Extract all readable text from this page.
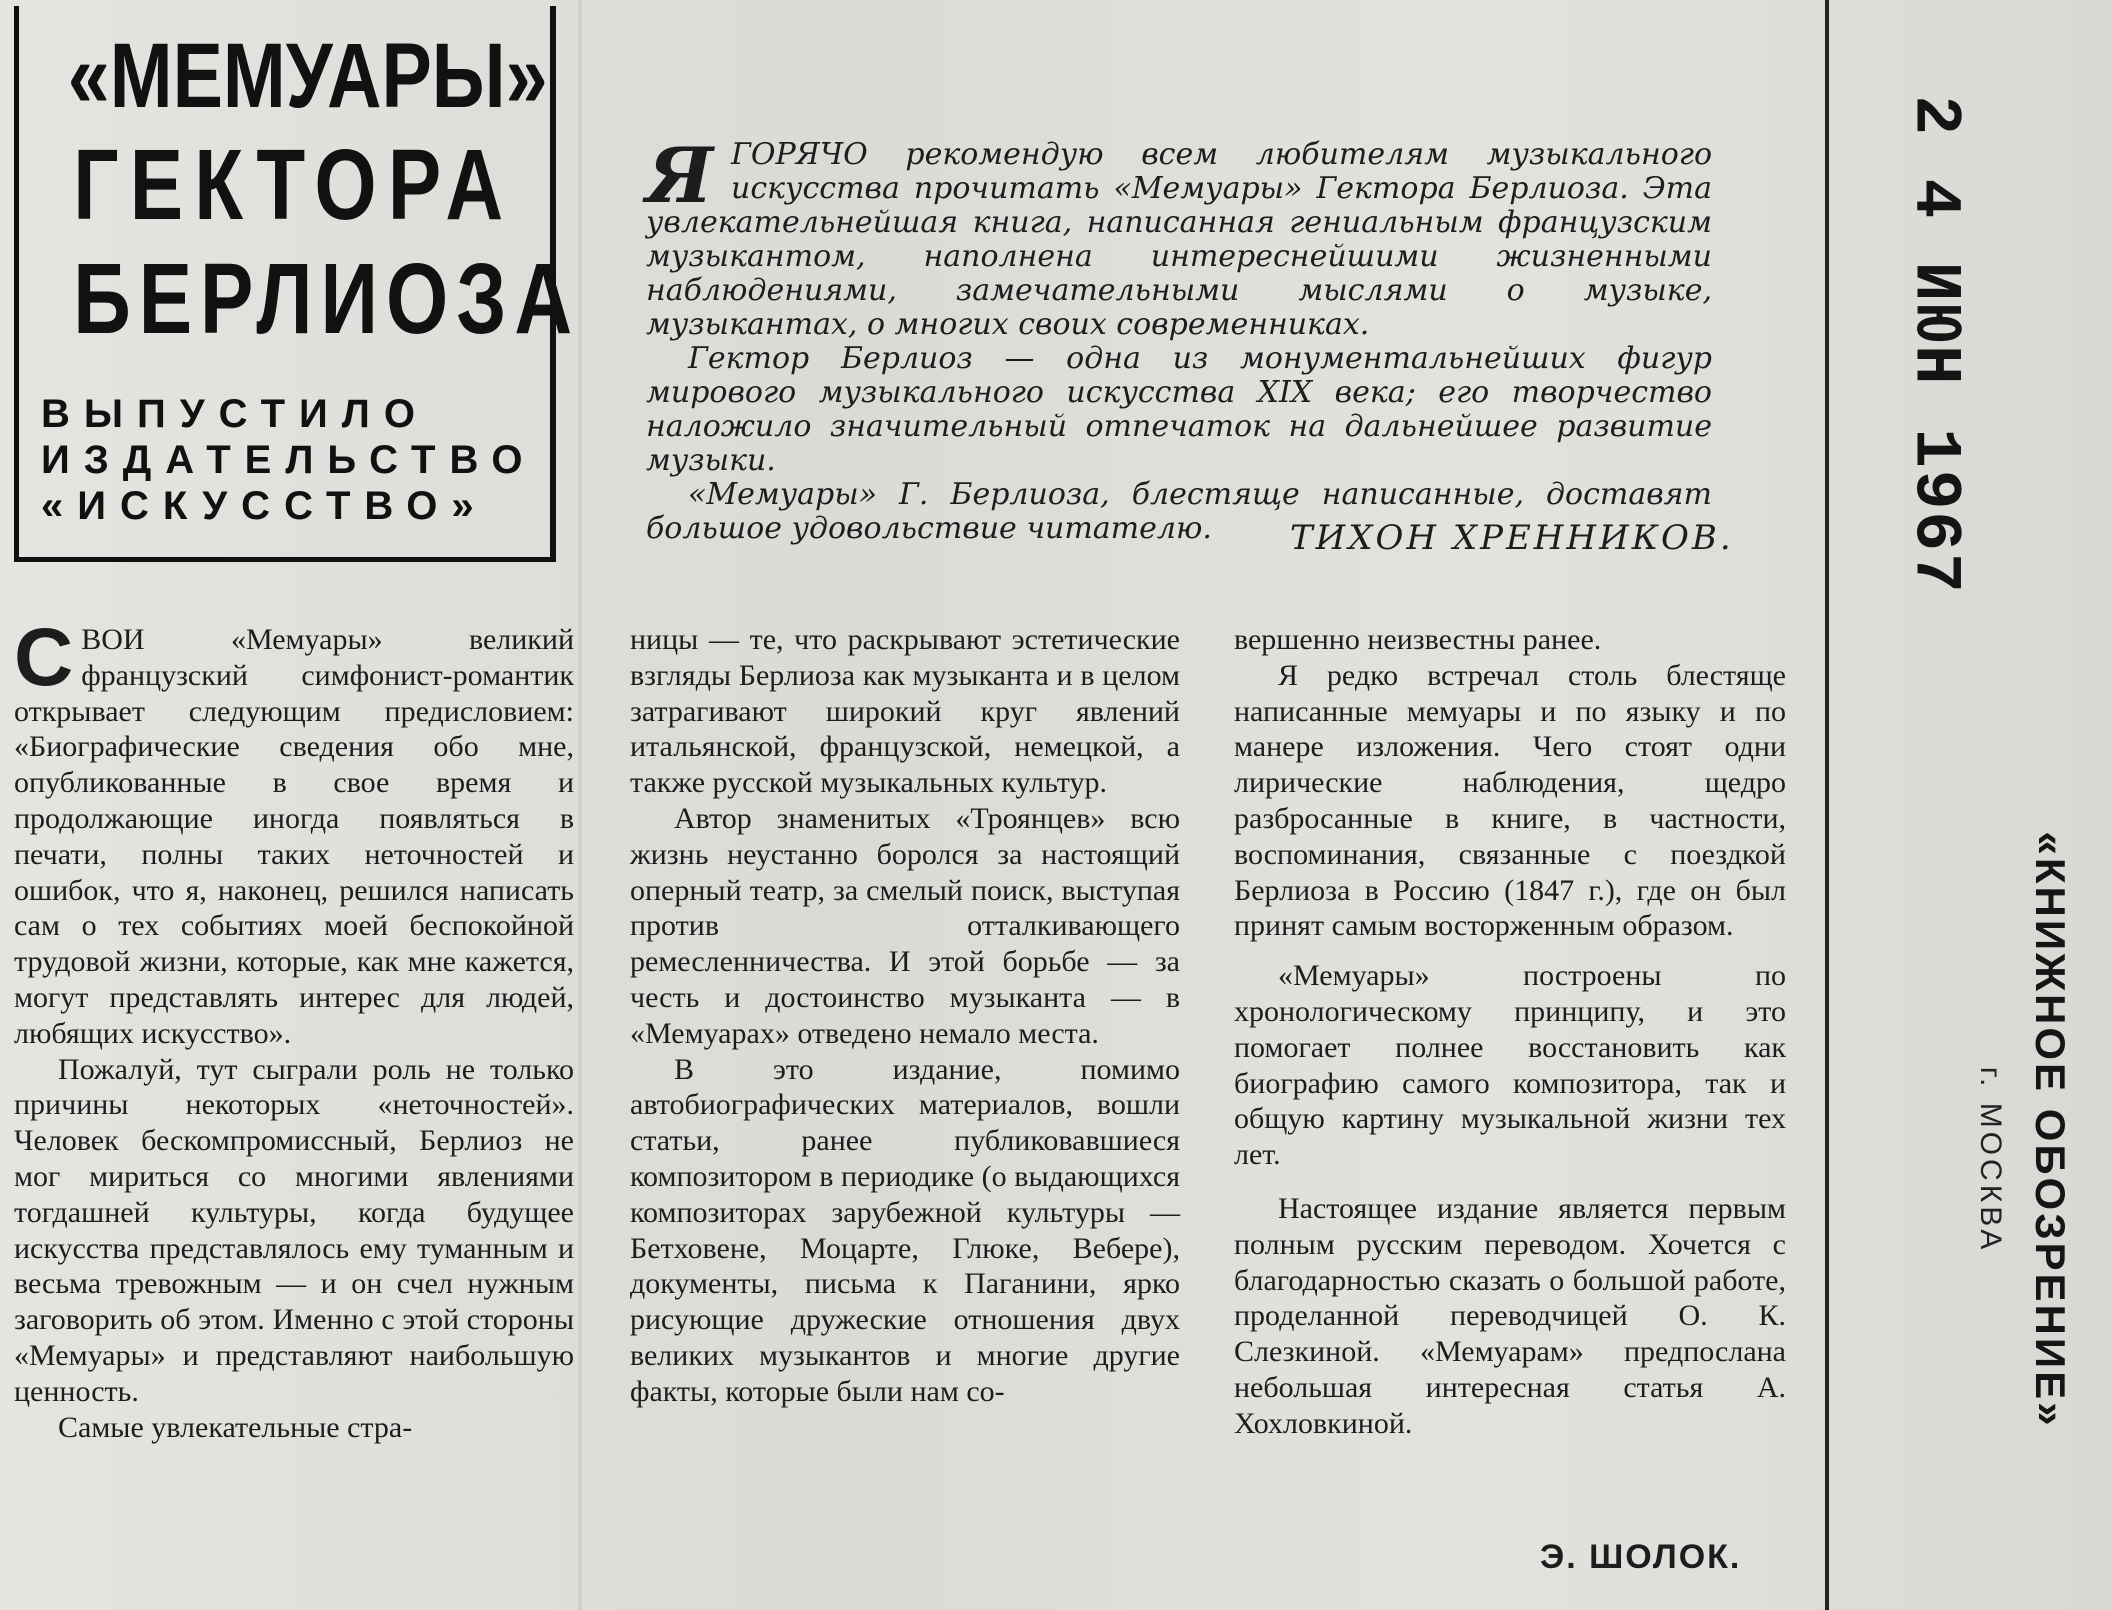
«МЕМУАРЫ»
ГЕКТОРА
БЕРЛИОЗА
ВЫПУСТИЛО
ИЗДАТЕЛЬСТВО
«ИСКУССТВО»

ЯГОРЯЧО рекомендую всем любителям музыкального искусства прочитать «Мемуары» Гектора Берлиоза. Эта увлекательнейшая книга, написанная гениальным французским музыкантом, наполнена интереснейшими жизненными наблюдениями, замечательными мыслями о музыке, музыкантах, о многих своих современниках.

Гектор Берлиоз — одна из монументальнейших фигур мирового музыкального искусства XIX века; его творчество наложило значительный отпечаток на дальнейшее развитие музыки.

«Мемуары» Г. Берлиоза, блестяще написанные, доставят большое удовольствие читателю.	ТИХОН ХРЕННИКОВ.

СВОИ «Мемуары» великий французский симфонист-романтик открывает следующим предисловием: «Биографические сведения обо мне, опубликованные в свое время и продолжающие иногда появляться в печати, полны таких неточностей и ошибок, что я, наконец, решился написать сам о тех событиях моей беспокойной трудовой жизни, которые, как мне кажется, могут представлять интерес для людей, любящих искусство».

Пожалуй, тут сыграли роль не только причины некоторых «неточностей». Человек бескомпромиссный, Берлиоз не мог мириться со многими явлениями тогдашней культуры, когда будущее искусства представлялось ему туманным и весьма тревожным — и он счел нужным заговорить об этом. Именно с этой стороны «Мемуары» и представляют наибольшую ценность.

Самые увлекательные стра-

ницы — те, что раскрывают эстетические взгляды Берлиоза как музыканта и в целом затрагивают широкий круг явлений итальянской, французской, немецкой, а также русской музыкальных культур.

Автор знаменитых «Троянцев» всю жизнь неустанно боролся за настоящий оперный театр, за смелый поиск, выступая против отталкивающего ремесленничества. И этой борьбе — за честь и достоинство музыканта — в «Мемуарах» отведено немало места.

В это издание, помимо автобиографических материалов, вошли статьи, ранее публиковавшиеся композитором в периодике (о выдающихся композиторах зарубежной культуры — Бетховене, Моцарте, Глюке, Вебере), документы, письма к Паганини, ярко рисующие дружеские отношения двух великих музыкантов и многие другие факты, которые были нам со-

вершенно неизвестны ранее.

Я редко встречал столь блестяще написанные мемуары и по языку и по манере изложения. Чего стоят одни лирические наблюдения, щедро разбросанные в книге, в частности, воспоминания, связанные с поездкой Берлиоза в Россию (1847 г.), где он был принят самым восторженным образом.

«Мемуары» построены по хронологическому принципу, и это помогает полнее восстановить как биографию самого композитора, так и общую картину музыкальной жизни тех лет.

Настоящее издание является первым полным русским переводом. Хочется с благодарностью сказать о большой работе, проделанной переводчицей О. К. Слезкиной. «Мемуарам» предпослана небольшая интересная статья А. Хохловкиной.

Э. ШОЛОК.
2 4 ИЮН 1967
«КНИЖНОЕ ОБОЗРЕНИЕ»
г. МОСКВА
